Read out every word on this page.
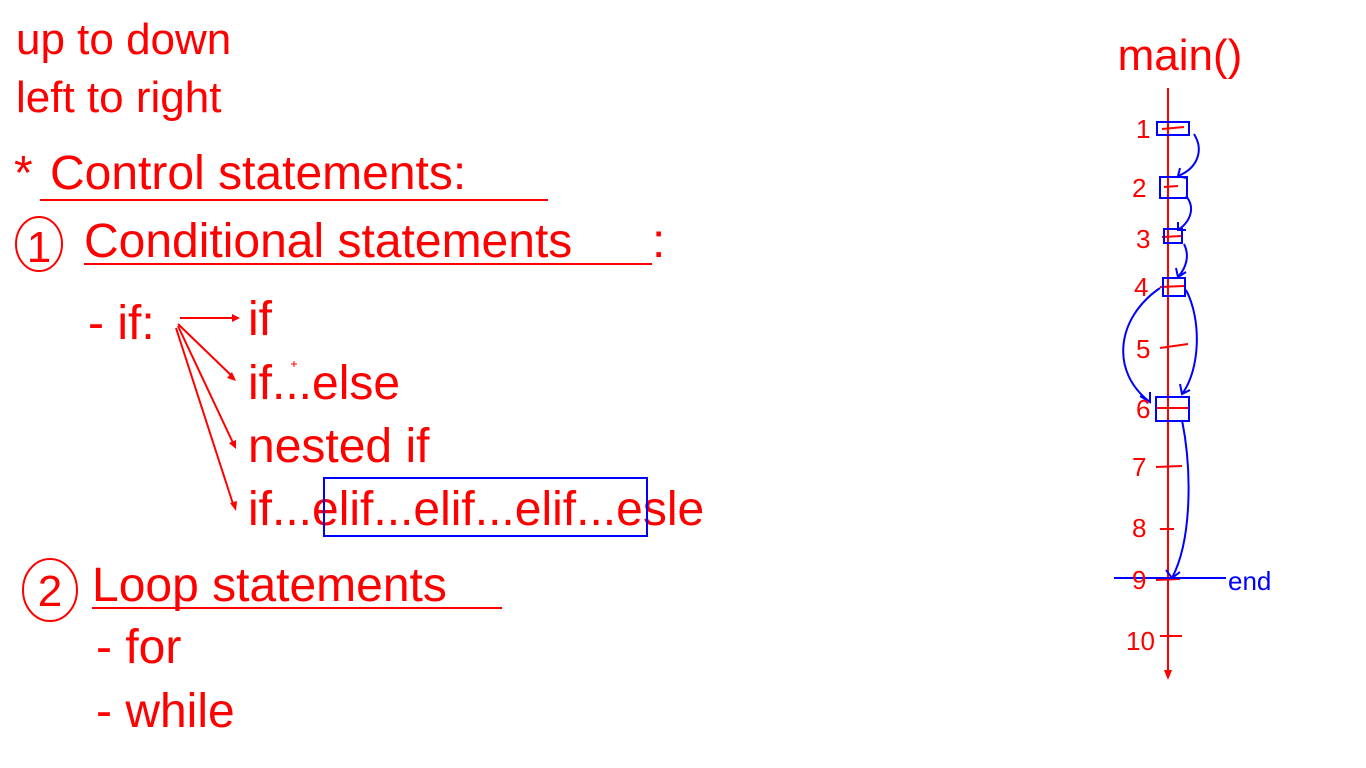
up to down
left to right
* Control statements:
Conditional statements :
- if: if
if...else
nested if
if...elif...elif...elif...esle
Loop statements
- for
- while
1
2
main()
1
2
3
4
5
6
7
8
9
10
end
